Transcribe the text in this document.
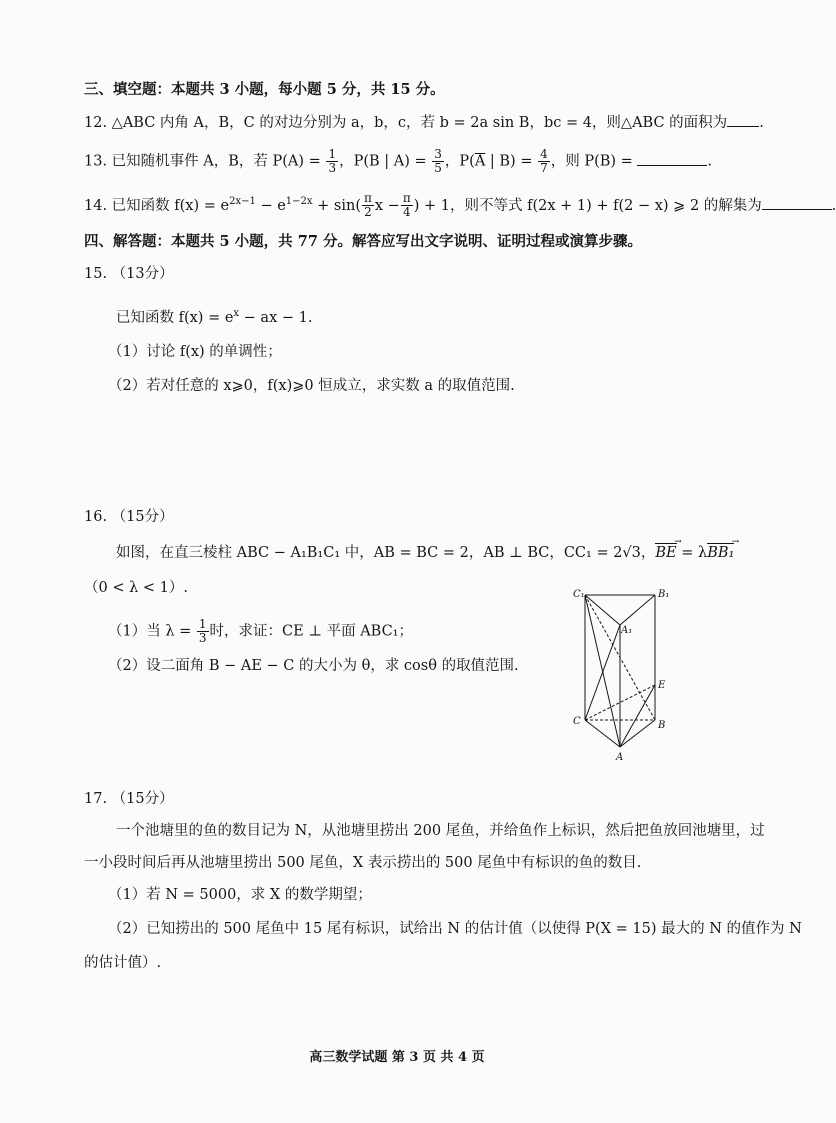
三、填空题：本题共 3 小题，每小题 5 分，共 15 分。
12. △ABC 内角 A，B，C 的对边分别为 a，b，c，若 b = 2a sin B，bc = 4，则△ABC 的面积为 .
13. 已知随机事件 A，B，若 $P(A) = \frac{1}{3}$ ，P(B | $A) = \frac{3}{5}$ ，$P(\overline{A}$ | $B) = \frac{4}{7}$ ，则 P(B) =	.
14. 已知函数 $f(x) = e^{2x-1} - e^{1-2x} + \sin( \frac{\pi}{2}$ $x - \frac{\pi}{4}$ ) + 1，则不等式 f(2x + 1) + f(2 − x) ⩾ 2 的解集为	.
四、解答题：本题共 5 小题，共 77 分。解答应写出文字说明、证明过程或演算步骤。
15. （13分）
已知函数 $f(x) = e^x$ − ax − 1.
（1）讨论 f(x) 的单调性；
（2）若对任意的 x⩾0，f(x)⩾0 恒成立，求实数 a 的取值范围.
16. （15分）
如图，在直三棱柱 ABC − A₁B₁C₁ 中，AB = BC = 2，AB ⊥ BC，CC₁ = 2√3，BE → = λBB₁ →
（0 < λ < 1）.
（1）当 $\lambda = \frac{1}{3}$ 时，求证：CE ⊥ 平面 ABC₁；
（2）设二面角 B − AE − C 的大小为 θ，求 cosθ 的取值范围.
C₁	B₁
A₁
E
C	B
A
17. （15分）
一个池塘里的鱼的数目记为 N，从池塘里捞出 200 尾鱼，并给鱼作上标识，然后把鱼放回池塘里，过
一小段时间后再从池塘里捞出 500 尾鱼，X 表示捞出的 500 尾鱼中有标识的鱼的数目.
（1）若 N = 5000，求 X 的数学期望；
（2）已知捞出的 500 尾鱼中 15 尾有标识，试给出 N 的估计值（以使得 P(X = 15) 最大的 N 的值作为 N
的估计值）.
高三数学试题 第 3 页 共 4 页
